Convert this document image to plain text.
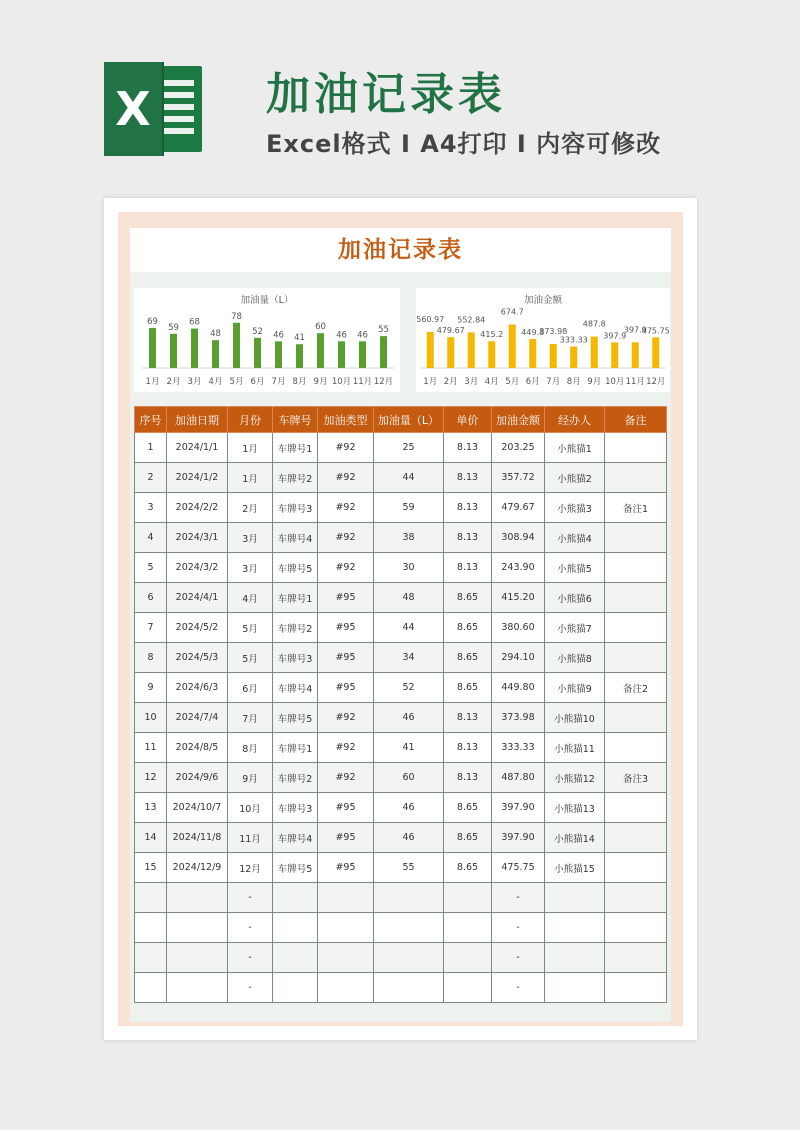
X	加油记录表
Excel格式 I A4打印 I 内容可修改
加油记录表
加油量（L）
69
1月
59
2月
68
3月
48
4月
78
5月
52
6月
46
7月
41
8月
60
9月
46
10月
46
11月
55
12月
加油金额
560.97
1月
479.67
2月
552.84
3月
415.2
4月
674.7
5月
449.8
6月
373.98
7月
333.33
8月
487.8
9月
397.9
10月
397.9
11月
475.75
12月
序号	加油日期	月份	车牌号	加油类型	加油量（L）	单价	加油金额	经办人	备注
1	2024/1/1	1月	车牌号1	#92	25	8.13	203.25	小熊猫1	
2	2024/1/2	1月	车牌号2	#92	44	8.13	357.72	小熊猫2	
3	2024/2/2	2月	车牌号3	#92	59	8.13	479.67	小熊猫3	备注1
4	2024/3/1	3月	车牌号4	#92	38	8.13	308.94	小熊猫4	
5	2024/3/2	3月	车牌号5	#92	30	8.13	243.90	小熊猫5	
6	2024/4/1	4月	车牌号1	#95	48	8.65	415.20	小熊猫6	
7	2024/5/2	5月	车牌号2	#95	44	8.65	380.60	小熊猫7	
8	2024/5/3	5月	车牌号3	#95	34	8.65	294.10	小熊猫8	
9	2024/6/3	6月	车牌号4	#95	52	8.65	449.80	小熊猫9	备注2
10	2024/7/4	7月	车牌号5	#92	46	8.13	373.98	小熊猫10	
11	2024/8/5	8月	车牌号1	#92	41	8.13	333.33	小熊猫11	
12	2024/9/6	9月	车牌号2	#92	60	8.13	487.80	小熊猫12	备注3
13	2024/10/7	10月	车牌号3	#95	46	8.65	397.90	小熊猫13	
14	2024/11/8	11月	车牌号4	#95	46	8.65	397.90	小熊猫14	
15	2024/12/9	12月	车牌号5	#95	55	8.65	475.75	小熊猫15	
		-					-		
		-					-		
		-					-		
		-					-		
